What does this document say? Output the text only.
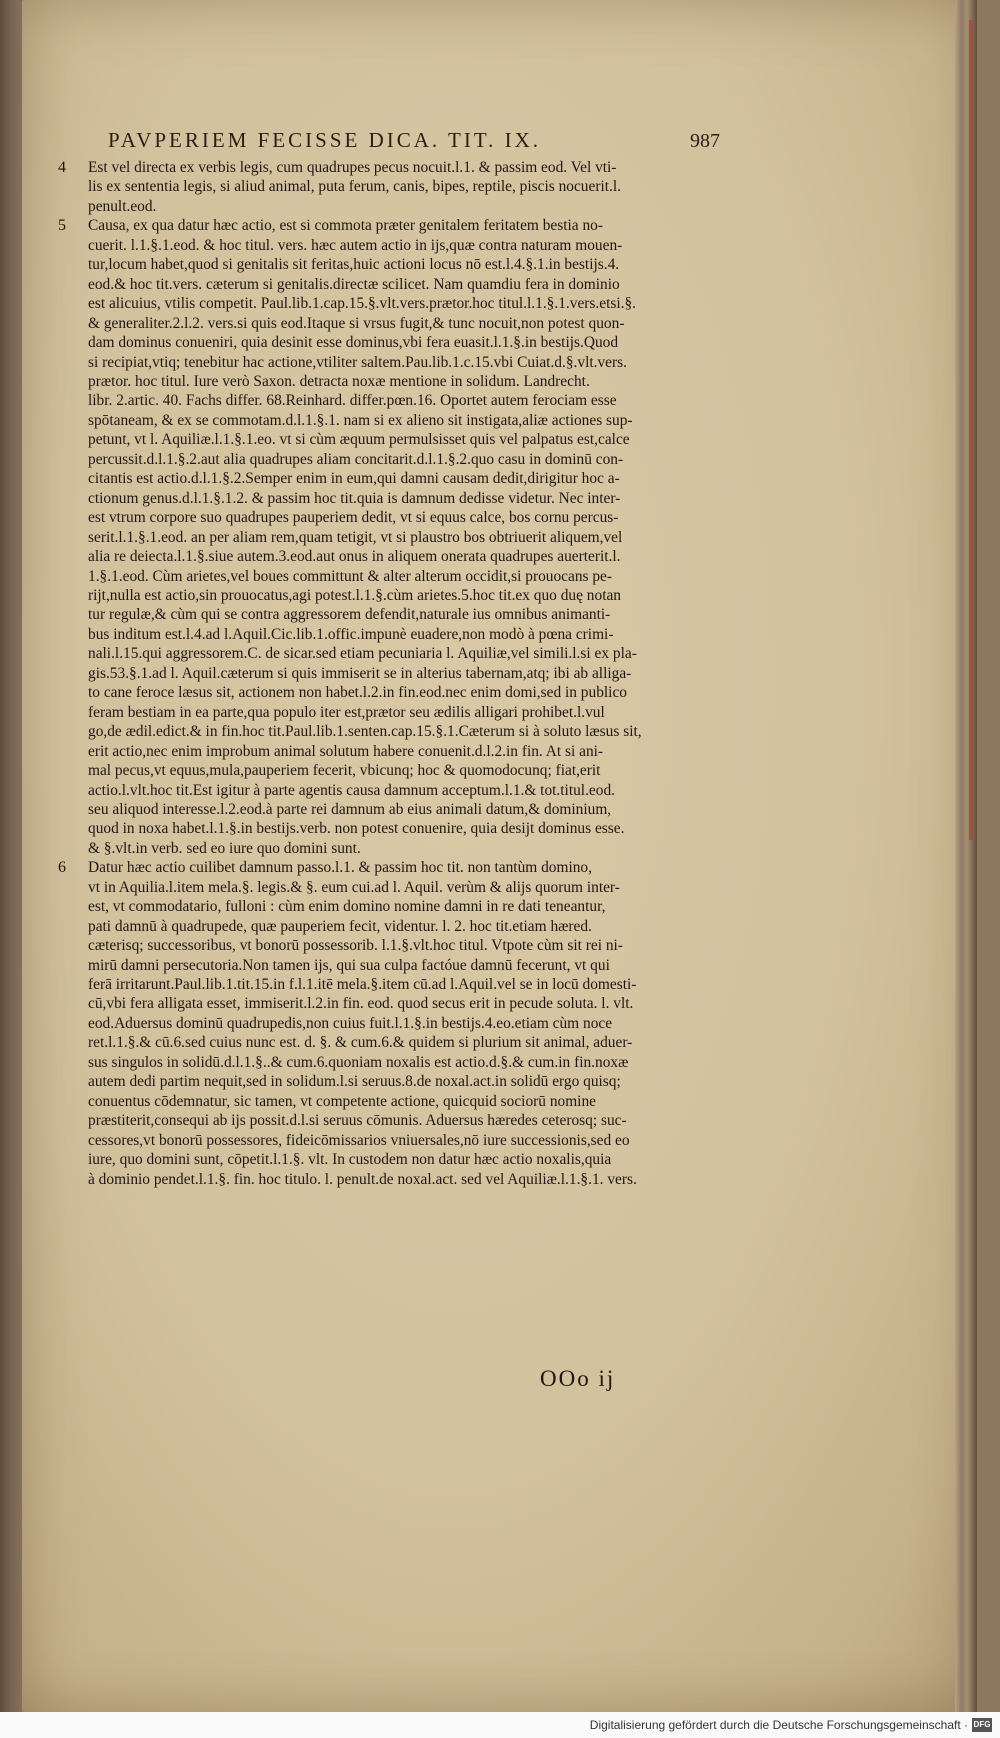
PAVPERIEM FECISSE DICA. TIT. IX.	987
4	Est vel directa ex verbis legis, cum quadrupes pecus nocuit.l.1. & passim eod. Vel vti-
lis ex sententia legis, si aliud animal, puta ferum, canis, bipes, reptile, piscis nocuerit.l.
penult.eod.
5	Causa, ex qua datur hæc actio, est si commota præter genitalem feritatem bestia no-
cuerit. l.1.§.1.eod. & hoc titul. vers. hæc autem actio in ijs,quæ contra naturam mouen-
tur,locum habet,quod si genitalis sit feritas,huic actioni locus nō est.l.4.§.1.in bestijs.4.
eod.& hoc tit.vers. cæterum si genitalis.directæ scilicet. Nam quamdiu fera in dominio
est alicuius, vtilis competit. Paul.lib.1.cap.15.§.vlt.vers.prætor.hoc titul.l.1.§.1.vers.etsi.§.
& generaliter.2.l.2. vers.si quis eod.Itaque si vrsus fugit,& tunc nocuit,non potest quon-
dam dominus conueniri, quia desinit esse dominus,vbi fera euasit.l.1.§.in bestijs.Quod
si recipiat,vtiq; tenebitur hac actione,vtiliter saltem.Pau.lib.1.c.15.vbi Cuiat.d.§.vlt.vers.
prætor. hoc titul. Iure verò Saxon. detracta noxæ mentione in solidum. Landrecht.
libr. 2.artic. 40. Fachs differ. 68.Reinhard. differ.pœn.16. Oportet autem ferociam esse
spōtaneam, & ex se commotam.d.l.1.§.1. nam si ex alieno sit instigata,aliæ actiones sup-
petunt, vt l. Aquiliæ.l.1.§.1.eo. vt si cùm æquum permulsisset quis vel palpatus est,calce
percussit.d.l.1.§.2.aut alia quadrupes aliam concitarit.d.l.1.§.2.quo casu in dominū con-
citantis est actio.d.l.1.§.2.Semper enim in eum,qui damni causam dedit,dirigitur hoc a-
ctionum genus.d.l.1.§.1.2. & passim hoc tit.quia is damnum dedisse videtur. Nec inter-
est vtrum corpore suo quadrupes pauperiem dedit, vt si equus calce, bos cornu percus-
serit.l.1.§.1.eod. an per aliam rem,quam tetigit, vt si plaustro bos obtriuerit aliquem,vel
alia re deiecta.l.1.§.siue autem.3.eod.aut onus in aliquem onerata quadrupes auerterit.l.
1.§.1.eod. Cùm arietes,vel boues committunt & alter alterum occidit,si prouocans pe-
rijt,nulla est actio,sin prouocatus,agi potest.l.1.§.cùm arietes.5.hoc tit.ex quo duę notan
tur regulæ,& cùm qui se contra aggressorem defendit,naturale ius omnibus animanti-
bus inditum est.l.4.ad l.Aquil.Cic.lib.1.offic.impunè euadere,non modò à pœna crimi-
nali.l.15.qui aggressorem.C. de sicar.sed etiam pecuniaria l. Aquiliæ,vel simili.l.si ex pla-
gis.53.§.1.ad l. Aquil.cæterum si quis immiserit se in alterius tabernam,atq; ibi ab alliga-
to cane feroce læsus sit, actionem non habet.l.2.in fin.eod.nec enim domi,sed in publico
feram bestiam in ea parte,qua populo iter est,prætor seu ædilis alligari prohibet.l.vul
go,de ædil.edict.& in fin.hoc tit.Paul.lib.1.senten.cap.15.§.1.Cæterum si à soluto læsus sit,
erit actio,nec enim improbum animal solutum habere conuenit.d.l.2.in fin. At si ani-
mal pecus,vt equus,mula,pauperiem fecerit, vbicunq; hoc & quomodocunq; fiat,erit
actio.l.vlt.hoc tit.Est igitur à parte agentis causa damnum acceptum.l.1.& tot.titul.eod.
seu aliquod interesse.l.2.eod.à parte rei damnum ab eius animali datum,& dominium,
quod in noxa habet.l.1.§.in bestijs.verb. non potest conuenire, quia desijt dominus esse.
& §.vlt.in verb. sed eo iure quo domini sunt.
6	Datur hæc actio cuilibet damnum passo.l.1. & passim hoc tit. non tantùm domino,
vt in Aquilia.l.item mela.§. legis.& §. eum cui.ad l. Aquil. verùm & alijs quorum inter-
est, vt commodatario, fulloni : cùm enim domino nomine damni in re dati teneantur,
pati damnū à quadrupede, quæ pauperiem fecit, videntur. l. 2. hoc tit.etiam hæred.
cæterisq; successoribus, vt bonorū possessorib. l.1.§.vlt.hoc titul. Vtpote cùm sit rei ni-
mirū damni persecutoria.Non tamen ijs, qui sua culpa factóue damnū fecerunt, vt qui
ferā irritarunt.Paul.lib.1.tit.15.in f.l.1.itē mela.§.item cū.ad l.Aquil.vel se in locū domesti-
cū,vbi fera alligata esset, immiserit.l.2.in fin. eod. quod secus erit in pecude soluta. l. vlt.
eod.Aduersus dominū quadrupedis,non cuius fuit.l.1.§.in bestijs.4.eo.etiam cùm noce
ret.l.1.§.& cū.6.sed cuius nunc est. d. §. & cum.6.& quidem si plurium sit animal, aduer-
sus singulos in solidū.d.l.1.§..& cum.6.quoniam noxalis est actio.d.§.& cum.in fin.noxæ
autem dedi partim nequit,sed in solidum.l.si seruus.8.de noxal.act.in solidū ergo quisq;
conuentus cōdemnatur, sic tamen, vt competente actione, quicquid sociorū nomine
præstiterit,consequi ab ijs possit.d.l.si seruus cōmunis. Aduersus hæredes ceterosq; suc-
cessores,vt bonorū possessores, fideicōmissarios vniuersales,nō iure successionis,sed eo
iure, quo domini sunt, cōpetit.l.1.§. vlt. In custodem non datur hæc actio noxalis,quia
à dominio pendet.l.1.§. fin. hoc titulo. l. penult.de noxal.act. sed vel Aquiliæ.l.1.§.1. vers.
OOo ij
Digitalisierung gefördert durch die Deutsche Forschungsgemeinschaft · DFG
